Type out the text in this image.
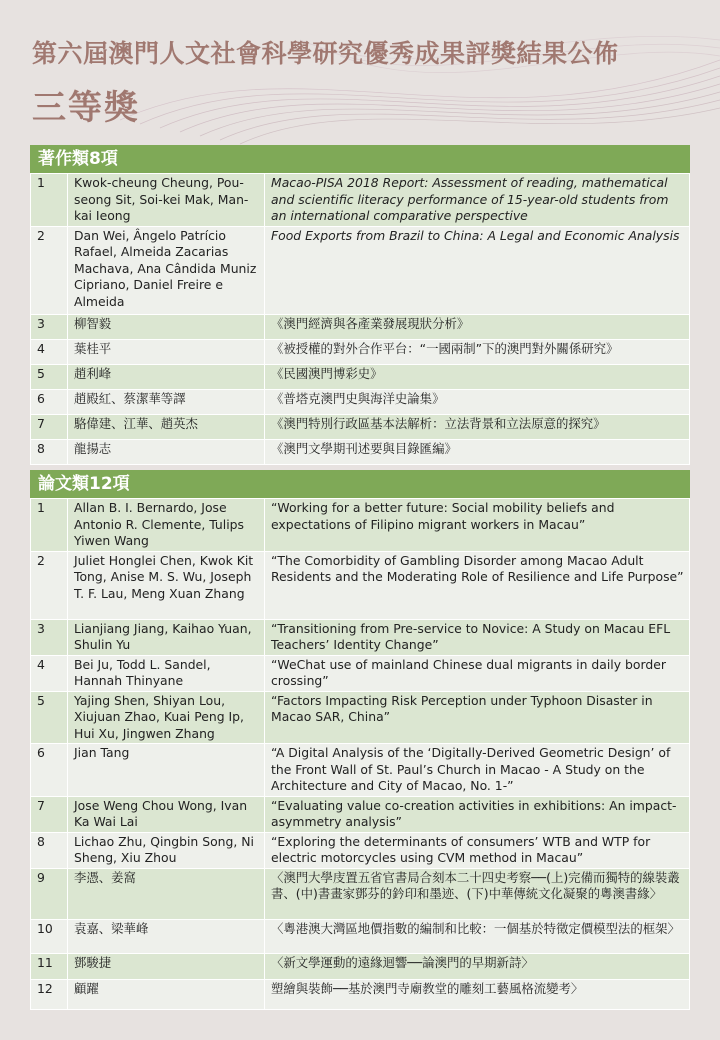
第六屆澳門人文社會科學研究優秀成果評獎結果公佈
三等獎
著作類8項
1	Kwok-cheung Cheung, Pou-seong Sit, Soi-kei Mak, Man-kai Ieong	Macao-PISA 2018 Report: Assessment of reading, mathematical and scientific literacy performance of 15-year-old students from an international comparative perspective
2	Dan Wei, Ângelo Patrício Rafael, Almeida Zacarias Machava, Ana Cândida Muniz Cipriano, Daniel Freire e Almeida	Food Exports from Brazil to China: A Legal and Economic Analysis
3	柳智毅	《澳門經濟與各產業發展現狀分析》
4	葉桂平	《被授權的對外合作平台：“一國兩制”下的澳門對外關係研究》
5	趙利峰	《民國澳門博彩史》
6	趙殿紅、蔡潔華等譯	《普塔克澳門史與海洋史論集》
7	駱偉建、江華、趙英杰	《澳門特別行政區基本法解析：立法背景和立法原意的探究》
8	龍揚志	《澳門文學期刊述要與目錄匯編》
論文類12項
1	Allan B. I. Bernardo, Jose Antonio R. Clemente, Tulips Yiwen Wang	“Working for a better future: Social mobility beliefs and expectations of Filipino migrant workers in Macau”
2	Juliet Honglei Chen, Kwok Kit Tong, Anise M. S. Wu, Joseph T. F. Lau, Meng Xuan Zhang	“The Comorbidity of Gambling Disorder among Macao Adult Residents and the Moderating Role of Resilience and Life Purpose”
3	Lianjiang Jiang, Kaihao Yuan, Shulin Yu	“Transitioning from Pre-service to Novice: A Study on Macau EFL Teachers’ Identity Change”
4	Bei Ju, Todd L. Sandel, Hannah Thinyane	“WeChat use of mainland Chinese dual migrants in daily border crossing”
5	Yajing Shen, Shiyan Lou, Xiujuan Zhao, Kuai Peng Ip, Hui Xu, Jingwen Zhang	“Factors Impacting Risk Perception under Typhoon Disaster in Macao SAR, China”
6	Jian Tang	“A Digital Analysis of the ‘Digitally-Derived Geometric Design’ of the Front Wall of St. Paul’s Church in Macao - A Study on the Architecture and City of Macao, No. 1-”
7	Jose Weng Chou Wong, Ivan Ka Wai Lai	“Evaluating value co-creation activities in exhibitions: An impact-asymmetry analysis”
8	Lichao Zhu, Qingbin Song, Ni Sheng, Xiu Zhou	“Exploring the determinants of consumers’ WTB and WTP for electric motorcycles using CVM method in Macau”
9	李憑、姜窩	〈澳門大學庋置五省官書局合刻本二十四史考察──(上)完備而獨特的線裝叢書、(中)書畫家鄧芬的鈐印和墨迹、(下)中華傳統文化凝聚的粵澳書緣〉
10	袁嘉、梁華峰	〈粵港澳大灣區地價指數的編制和比較：一個基於特徵定價模型法的框架〉
11	鄧駿捷	〈新文學運動的遠緣迴響──論澳門的早期新詩〉
12	顧躍	塑繪與裝飾──基於澳門寺廟教堂的雕刻工藝風格流變考〉
